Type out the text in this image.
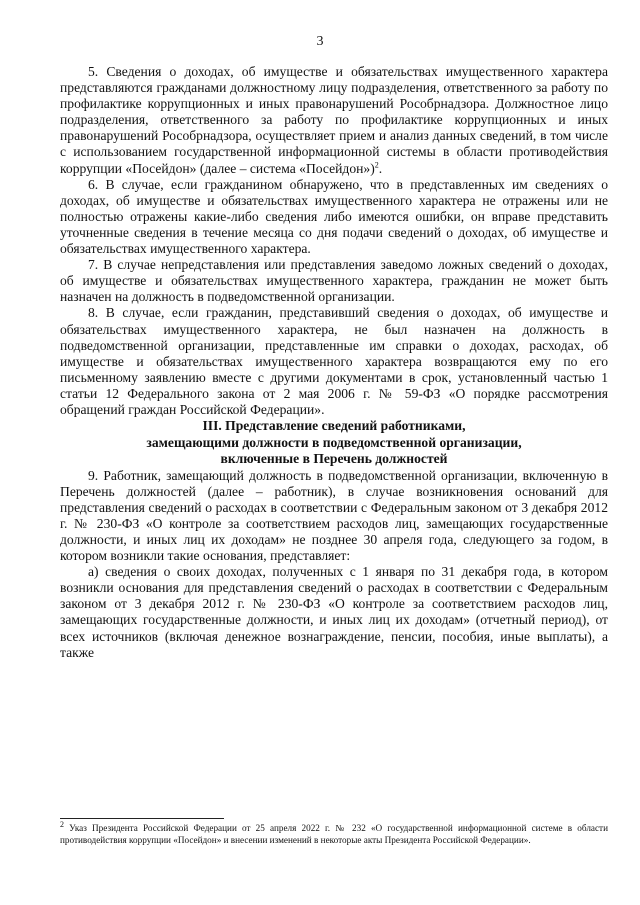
3

5. Сведения о доходах, об имуществе и обязательствах имущественного характера представляются гражданами должностному лицу подразделения, ответственного за работу по профилактике коррупционных и иных правонарушений Рособрнадзора. Должностное лицо подразделения, ответственного за работу по профилактике коррупционных и иных правонарушений Рособрнадзора, осуществляет прием и анализ данных сведений, в том числе с использованием государственной информационной системы в области противодействия коррупции «Посейдон» (далее – система «Посейдон»)$^2$.

6. В случае, если гражданином обнаружено, что в представленных им сведениях о доходах, об имуществе и обязательствах имущественного характера не отражены или не полностью отражены какие-либо сведения либо имеются ошибки, он вправе представить уточненные сведения в течение месяца со дня подачи сведений о доходах, об имуществе и обязательствах имущественного характера.

7. В случае непредставления или представления заведомо ложных сведений о доходах, об имуществе и обязательствах имущественного характера, гражданин не может быть назначен на должность в подведомственной организации.

8. В случае, если гражданин, представивший сведения о доходах, об имуществе и обязательствах имущественного характера, не был назначен на должность в подведомственной организации, представленные им справки о доходах, расходах, об имуществе и обязательствах имущественного характера возвращаются ему по его письменному заявлению вместе с другими документами в срок, установленный частью 1 статьи 12 Федерального закона от 2 мая 2006 г. № 59-ФЗ «О порядке рассмотрения обращений граждан Российской Федерации».

III. Представление сведений работниками,
замещающими должности в подведомственной организации,
включенные в Перечень должностей

9. Работник, замещающий должность в подведомственной организации, включенную в Перечень должностей (далее – работник), в случае возникновения оснований для представления сведений о расходах в соответствии с Федеральным законом от 3 декабря 2012 г. № 230-ФЗ «О контроле за соответствием расходов лиц, замещающих государственные должности, и иных лиц их доходам» не позднее 30 апреля года, следующего за годом, в котором возникли такие основания, представляет:

а) сведения о своих доходах, полученных с 1 января по 31 декабря года, в котором возникли основания для представления сведений о расходах в соответствии с Федеральным законом от 3 декабря 2012 г. № 230-ФЗ «О контроле за соответствием расходов лиц, замещающих государственные должности, и иных лиц их доходам» (отчетный период), от всех источников (включая денежное вознаграждение, пенсии, пособия, иные выплаты), а также

$^2$ Указ Президента Российской Федерации от 25 апреля 2022 г. № 232 «О государственной информационной системе в области противодействия коррупции «Посейдон» и внесении изменений в некоторые акты Президента Российской Федерации».
